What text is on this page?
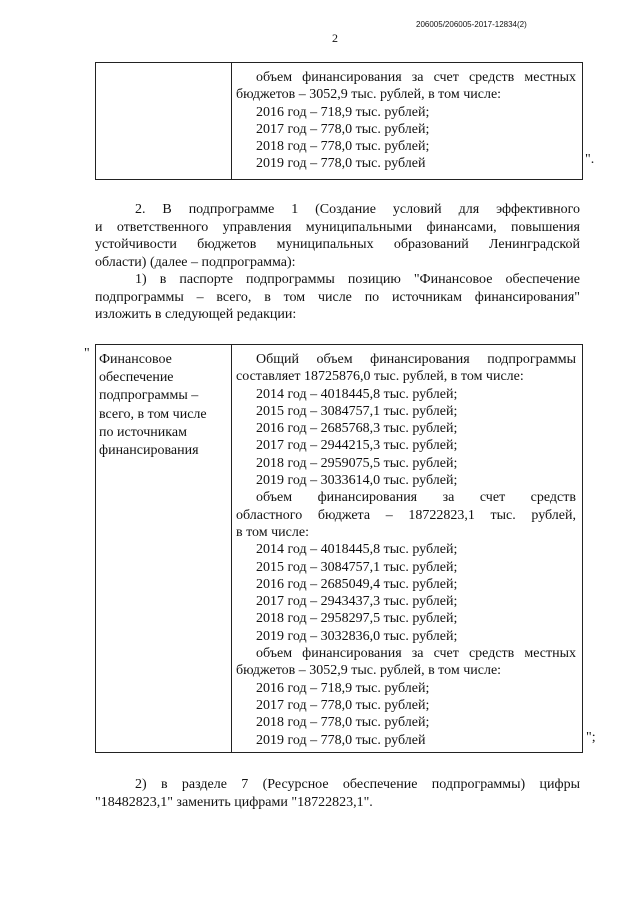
206005/206005-2017-12834(2)
2
объем финансирования за счет средств местных
бюджетов – 3052,9 тыс. рублей, в том числе:
2016 год – 718,9 тыс. рублей;
2017 год – 778,0 тыс. рублей;
2018 год – 778,0 тыс. рублей;
2019 год – 778,0 тыс. рублей	".
2. В подпрограмме 1 (Создание условий для эффективного
и ответственного управления муниципальными финансами, повышения
устойчивости бюджетов муниципальных образований Ленинградской
области) (далее – подпрограмма):
1) в паспорте подпрограммы позицию "Финансовое обеспечение
подпрограммы – всего, в том числе по источникам финансирования"
изложить в следующей редакции:
" Финансовое
обеспечение
подпрограммы –
всего, в том числе
по источникам
финансирования
Общий объем финансирования подпрограммы
составляет 18725876,0 тыс. рублей, в том числе:
2014 год – 4018445,8 тыс. рублей;
2015 год – 3084757,1 тыс. рублей;
2016 год – 2685768,3 тыс. рублей;
2017 год – 2944215,3 тыс. рублей;
2018 год – 2959075,5 тыс. рублей;
2019 год – 3033614,0 тыс. рублей;
объем финансирования за счет средств
областного бюджета – 18722823,1 тыс. рублей,
в том числе:
2014 год – 4018445,8 тыс. рублей;
2015 год – 3084757,1 тыс. рублей;
2016 год – 2685049,4 тыс. рублей;
2017 год – 2943437,3 тыс. рублей;
2018 год – 2958297,5 тыс. рублей;
2019 год – 3032836,0 тыс. рублей;
объем финансирования за счет средств местных
бюджетов – 3052,9 тыс. рублей, в том числе:
2016 год – 718,9 тыс. рублей;
2017 год – 778,0 тыс. рублей;
2018 год – 778,0 тыс. рублей;
2019 год – 778,0 тыс. рублей	";
2) в разделе 7 (Ресурсное обеспечение подпрограммы) цифры
"18482823,1" заменить цифрами "18722823,1".
